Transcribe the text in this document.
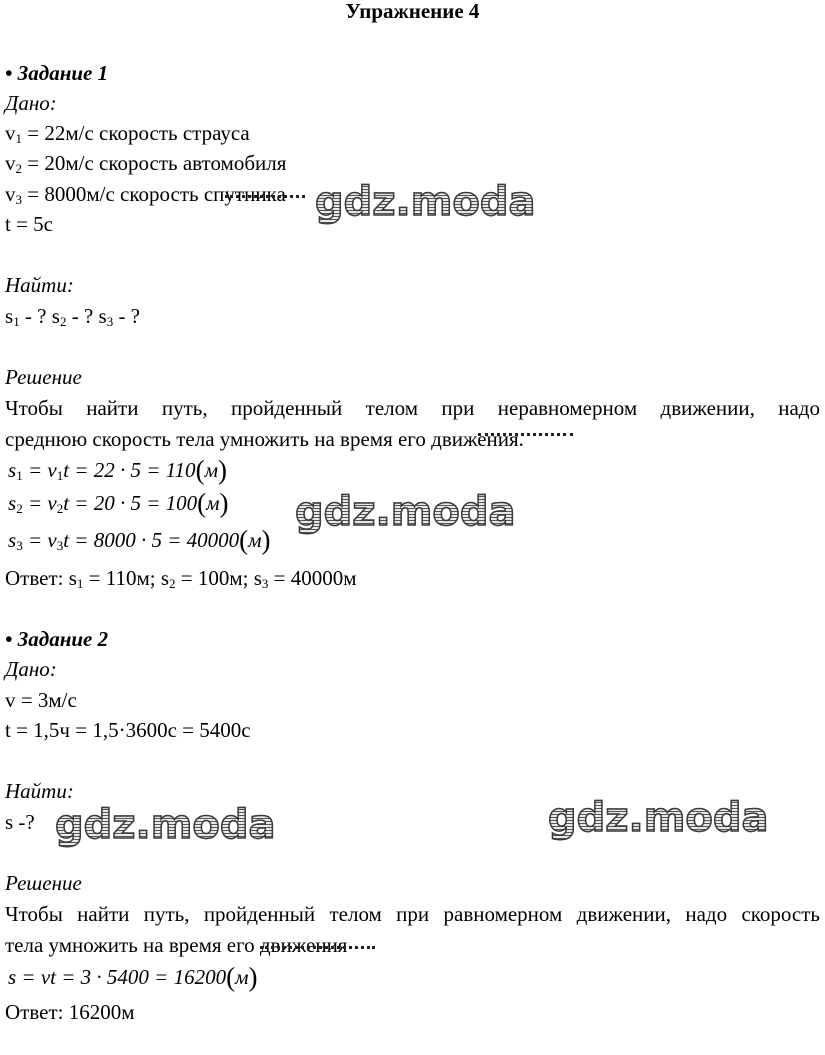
Упражнение 4
• Задание 1
Дано:
$v_1 = 22м/с$ скорость страуса
$v_2 = 20м/с$ скорость автомобиля
$v_3 = 8000м/с$ скорость спутника
t = 5с
Найти:
$s_1$ - ? $s_2$ - ? $s_3$ - ?
Решение
Чтобы найти путь, пройденный телом при неравномерном движении, надо
среднюю скорость тела умножить на время его движения.
$s_1 = v_1t = 22 \cdot 5 = 110(м)$
$s_2 = v_2t = 20 \cdot 5 = 100(м)$
$s_3 = v_3t = 8000 \cdot 5 = 40000(м)$
Ответ: $s_1 = 110м$; $s_2 = 100м$; $s_3 = 40000м$
• Задание 2
Дано:
v = 3м/с
t = 1,5ч = 1,5·3600с = 5400с
Найти:
s -?
Решение
Чтобы найти путь, пройденный телом при равномерном движении, надо скорость
тела умножить на время его движения
s = vt = 3 · 5400 = 16200(м)
Ответ: 16200м
gdz.moda
gdz.moda
gdz.moda	gdz.moda
